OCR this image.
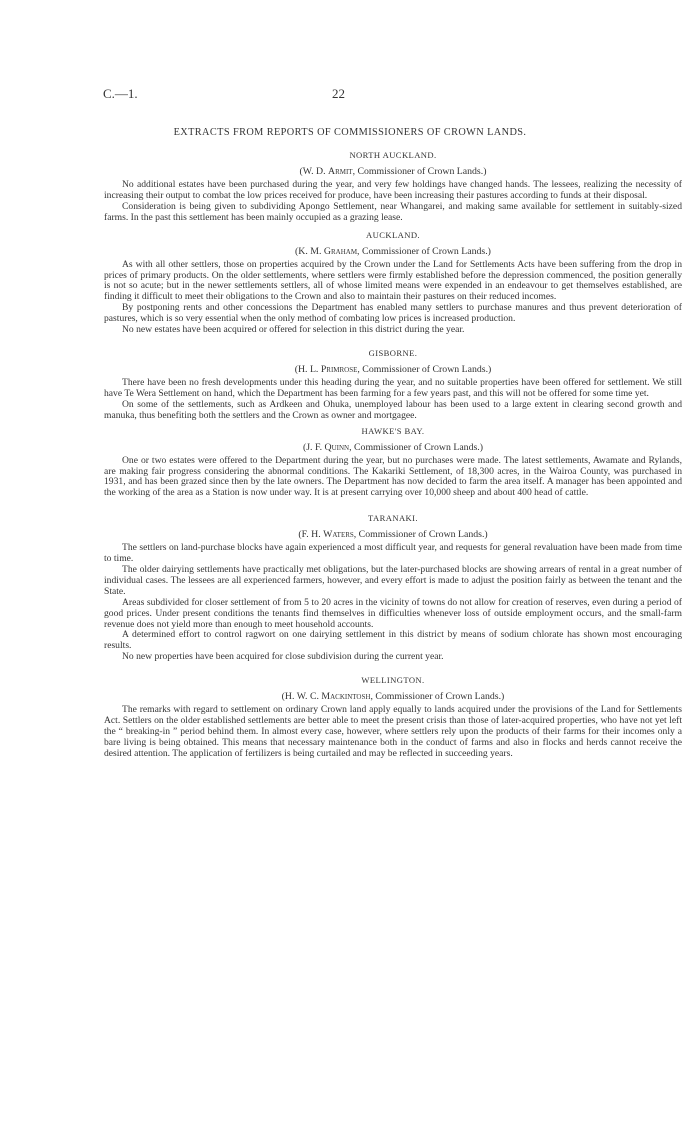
C.—1.	22
EXTRACTS FROM REPORTS OF COMMISSIONERS OF CROWN LANDS.
NORTH AUCKLAND.
(W. D. Armit, Commissioner of Crown Lands.)

No additional estates have been purchased during the year, and very few holdings have changed hands. The lessees, realizing the necessity of increasing their output to combat the low prices received for produce, have been increasing their pastures according to funds at their disposal.

Consideration is being given to subdividing Apongo Settlement, near Whangarei, and making same available for settlement in suitably-sized farms. In the past this settlement has been mainly occupied as a grazing lease.

AUCKLAND.
(K. M. Graham, Commissioner of Crown Lands.)

As with all other settlers, those on properties acquired by the Crown under the Land for Settlements Acts have been suffering from the drop in prices of primary products. On the older settlements, where settlers were firmly established before the depression commenced, the position generally is not so acute; but in the newer settlements settlers, all of whose limited means were expended in an endeavour to get themselves established, are finding it difficult to meet their obligations to the Crown and also to maintain their pastures on their reduced incomes.

By postponing rents and other concessions the Department has enabled many settlers to purchase manures and thus prevent deterioration of pastures, which is so very essential when the only method of combating low prices is increased production.

No new estates have been acquired or offered for selection in this district during the year.

GISBORNE.
(H. L. Primrose, Commissioner of Crown Lands.)

There have been no fresh developments under this heading during the year, and no suitable properties have been offered for settlement. We still have Te Wera Settlement on hand, which the Department has been farming for a few years past, and this will not be offered for some time yet.

On some of the settlements, such as Ardkeen and Ohuka, unemployed labour has been used to a large extent in clearing second growth and manuka, thus benefiting both the settlers and the Crown as owner and mortgagee.

HAWKE'S BAY.
(J. F. Quinn, Commissioner of Crown Lands.)

One or two estates were offered to the Department during the year, but no purchases were made. The latest settlements, Awamate and Rylands, are making fair progress considering the abnormal conditions. The Kakariki Settlement, of 18,300 acres, in the Wairoa County, was purchased in 1931, and has been grazed since then by the late owners. The Department has now decided to farm the area itself. A manager has been appointed and the working of the area as a Station is now under way. It is at present carrying over 10,000 sheep and about 400 head of cattle.

TARANAKI.
(F. H. Waters, Commissioner of Crown Lands.)

The settlers on land-purchase blocks have again experienced a most difficult year, and requests for general revaluation have been made from time to time.

The older dairying settlements have practically met obligations, but the later-purchased blocks are showing arrears of rental in a great number of individual cases. The lessees are all experienced farmers, however, and every effort is made to adjust the position fairly as between the tenant and the State.

Areas subdivided for closer settlement of from 5 to 20 acres in the vicinity of towns do not allow for creation of reserves, even during a period of good prices. Under present conditions the tenants find themselves in difficulties whenever loss of outside employment occurs, and the small-farm revenue does not yield more than enough to meet household accounts.

A determined effort to control ragwort on one dairying settlement in this district by means of sodium chlorate has shown most encouraging results.

No new properties have been acquired for close subdivision during the current year.

WELLINGTON.
(H. W. C. Mackintosh, Commissioner of Crown Lands.)

The remarks with regard to settlement on ordinary Crown land apply equally to lands acquired under the provisions of the Land for Settlements Act. Settlers on the older established settlements are better able to meet the present crisis than those of later-acquired properties, who have not yet left the “ breaking-in ” period behind them. In almost every case, however, where settlers rely upon the products of their farms for their incomes only a bare living is being obtained. This means that necessary maintenance both in the conduct of farms and also in flocks and herds cannot receive the desired attention. The application of fertilizers is being curtailed and may be reflected in succeeding years.
